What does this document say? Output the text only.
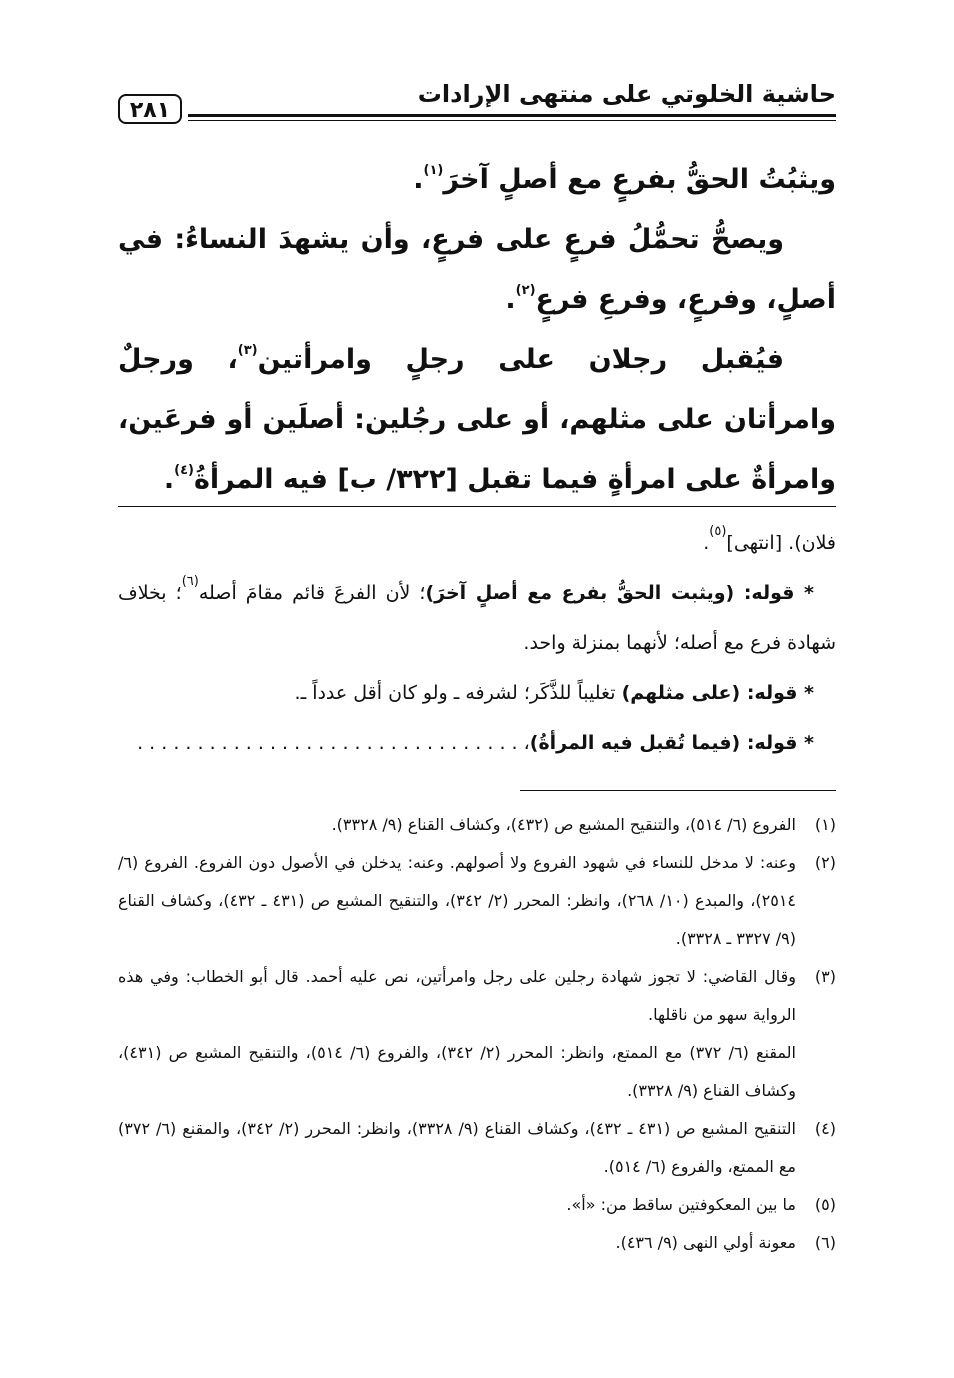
حاشية الخلوتي على منتهى الإرادات
٢٨١

ويثبُتُ الحقُّ بفرعٍ مع أصلٍ آخرَ$^{(١)}$.

ويصحُّ تحمُّلُ فرعٍ على فرعٍ، وأن يشهدَ النساءُ: في أصلٍ، وفرعٍ، وفرعِ فرعٍ$^{(٢)}$.

فيُقبل رجلان على رجلٍ وامرأتين$^{(٣)}$، ورجلٌ وامرأتان على مثلهم، أو على رجُلين: أصلَين أو فرعَين، وامرأةٌ على امرأةٍ فيما تقبل [٣٢٢/ ب] فيه المرأةُ$^{(٤)}$.

فلان). [انتهى]$^{(٥)}$.

* قوله: (ويثبت الحقُّ بفرع مع أصلٍ آخرَ)؛ لأن الفرعَ قائم مقامَ أصله$^{(٦)}$؛ بخلاف شهادة فرع مع أصله؛ لأنهما بمنزلة واحد.

* قوله: (على مثلهم) تغليباً للذَّكَر؛ لشرفه ـ ولو كان أقل عدداً ـ.

* قوله: (فيما تُقبل فيه المرأةُ)، . . . . . . . . . . . . . . . . . . . . . . . . . . . . . . . .

(١)
الفروع (٦/ ٥١٤)، والتنقيح المشبع ص (٤٣٢)، وكشاف القناع (٩/ ٣٣٢٨).
(٢)
وعنه: لا مدخل للنساء في شهود الفروع ولا أصولهم. وعنه: يدخلن في الأصول دون الفروع. الفروع (٦/ ٢٥١٤)، والمبدع (١٠/ ٢٦٨)، وانظر: المحرر (٢/ ٣٤٢)، والتنقيح المشبع ص (٤٣١ ـ ٤٣٢)، وكشاف القناع (٩/ ٣٣٢٧ ـ ٣٣٢٨).
(٣)
وقال القاضي: لا تجوز شهادة رجلين على رجل وامرأتين، نص عليه أحمد. قال أبو الخطاب: وفي هذه الرواية سهو من ناقلها.
المقنع (٦/ ٣٧٢) مع الممتع، وانظر: المحرر (٢/ ٣٤٢)، والفروع (٦/ ٥١٤)، والتنقيح المشبع ص (٤٣١)، وكشاف القناع (٩/ ٣٣٢٨).
(٤)
التنقيح المشبع ص (٤٣١ ـ ٤٣٢)، وكشاف القناع (٩/ ٣٣٢٨)، وانظر: المحرر (٢/ ٣٤٢)، والمقنع (٦/ ٣٧٢) مع الممتع، والفروع (٦/ ٥١٤).
(٥)
ما بين المعكوفتين ساقط من: «أ».
(٦)
معونة أولي النهى (٩/ ٤٣٦).
